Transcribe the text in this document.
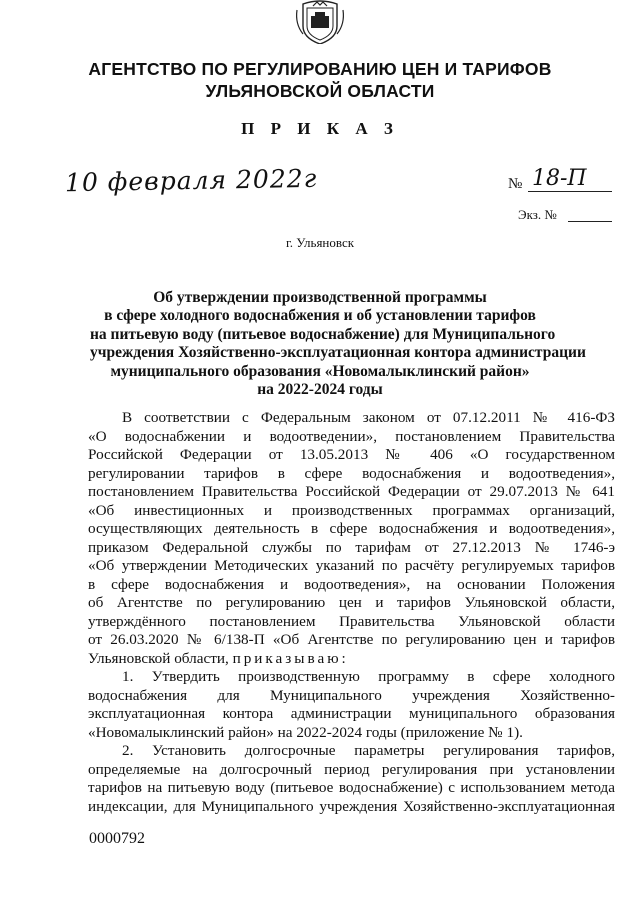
АГЕНТСТВО ПО РЕГУЛИРОВАНИЮ ЦЕН И ТАРИФОВ
УЛЬЯНОВСКОЙ ОБЛАСТИ
П Р И К А З
10 февраля 2022г	№ 18-П
Экз. №
г. Ульяновск
Об утверждении производственной программы
в сфере холодного водоснабжения и об установлении тарифов
на питьевую воду (питьевое водоснабжение) для Муниципального
учреждения Хозяйственно-эксплуатационная контора администрации
муниципального образования «Новомалыклинский район»
на 2022-2024 годы
В соответствии с Федеральным законом от 07.12.2011 № 416-ФЗ
«О водоснабжении и водоотведении», постановлением Правительства
Российской Федерации от 13.05.2013 № 406 «О государственном
регулировании тарифов в сфере водоснабжения и водоотведения»,
постановлением Правительства Российской Федерации от 29.07.2013 № 641
«Об инвестиционных и производственных программах организаций,
осуществляющих деятельность в сфере водоснабжения и водоотведения»,
приказом Федеральной службы по тарифам от 27.12.2013 № 1746-э
«Об утверждении Методических указаний по расчёту регулируемых тарифов
в сфере водоснабжения и водоотведения», на основании Положения
об Агентстве по регулированию цен и тарифов Ульяновской области,
утверждённого постановлением Правительства Ульяновской области
от 26.03.2020 № 6/138-П «Об Агентстве по регулированию цен и тарифов
Ульяновской области, приказываю:
1. Утвердить производственную программу в сфере холодного
водоснабжения для Муниципального учреждения Хозяйственно-
эксплуатационная контора администрации муниципального образования
«Новомалыклинский район» на 2022-2024 годы (приложение № 1).
2. Установить долгосрочные параметры регулирования тарифов,
определяемые на долгосрочный период регулирования при установлении
тарифов на питьевую воду (питьевое водоснабжение) с использованием метода
индексации, для Муниципального учреждения Хозяйственно-эксплуатационная
0000792
